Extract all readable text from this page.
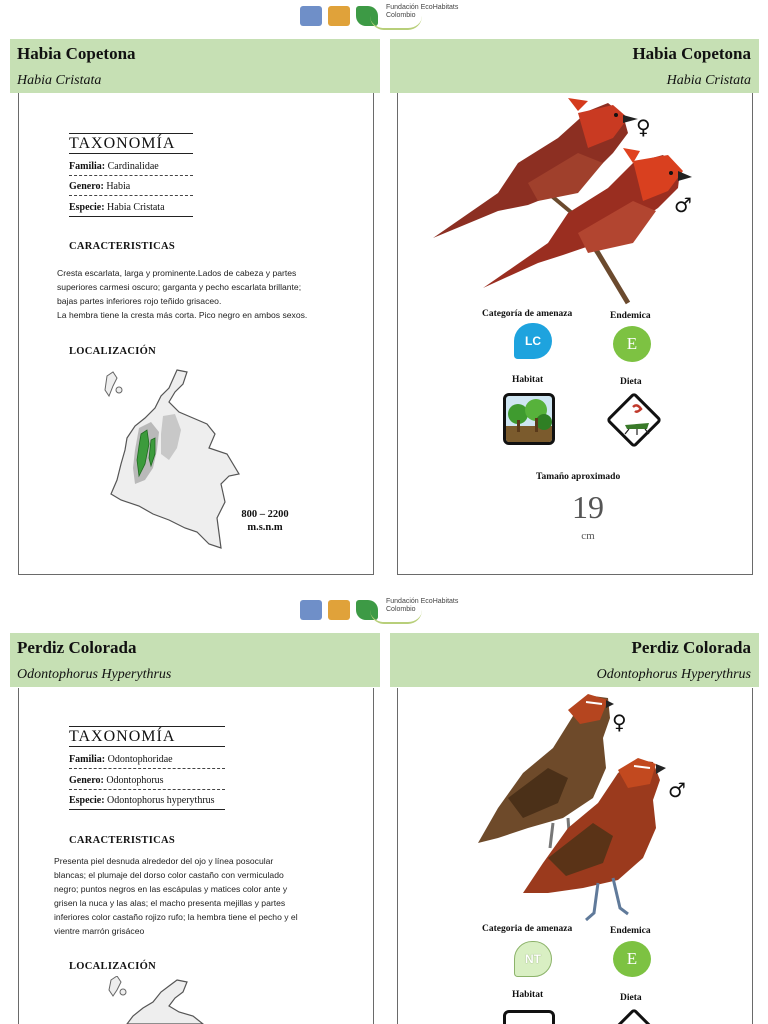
Fundación EcoHabitats
Colombio
Habia Copetona
Habia Cristata
Habia Copetona
Habia Cristata
TAXONOMÍA
Familia: Cardinalidae
Genero: Habia
Especie: Habia Cristata
CARACTERISTICAS
Cresta escarlata, larga y prominente.Lados de cabeza y partes
superiores carmesi oscuro; garganta y pecho escarlata brillante;
bajas partes inferiores rojo teñido grisaceo.
La hembra tiene la cresta más corta. Pico negro en ambos sexos.
LOCALIZACIÓN
800 – 2200
m.s.n.m
♀
♂
Categoría de amenaza	Endemica
LC	E
Habitat	Dieta
Tamaño aproximado
19
cm
Fundación EcoHabitats
Colombio
Perdiz Colorada
Odontophorus Hyperythrus
Perdiz Colorada
Odontophorus Hyperythrus
TAXONOMÍA
Familia: Odontophoridae
Genero: Odontophorus
Especie: Odontophorus hyperythrus
CARACTERISTICAS
Presenta piel desnuda alrededor del ojo y línea posocular
blancas; el plumaje del dorso color castaño con vermiculado
negro; puntos negros en las escápulas y matices color ante y
grisen la nuca y las alas; el macho presenta mejillas y partes
inferiores color castaño rojizo rufo; la hembra tiene el pecho y el
vientre marrón grisáceo
LOCALIZACIÓN
♀
♂
Categoria de amenaza	Endemica
NT	E
Habitat	Dieta
